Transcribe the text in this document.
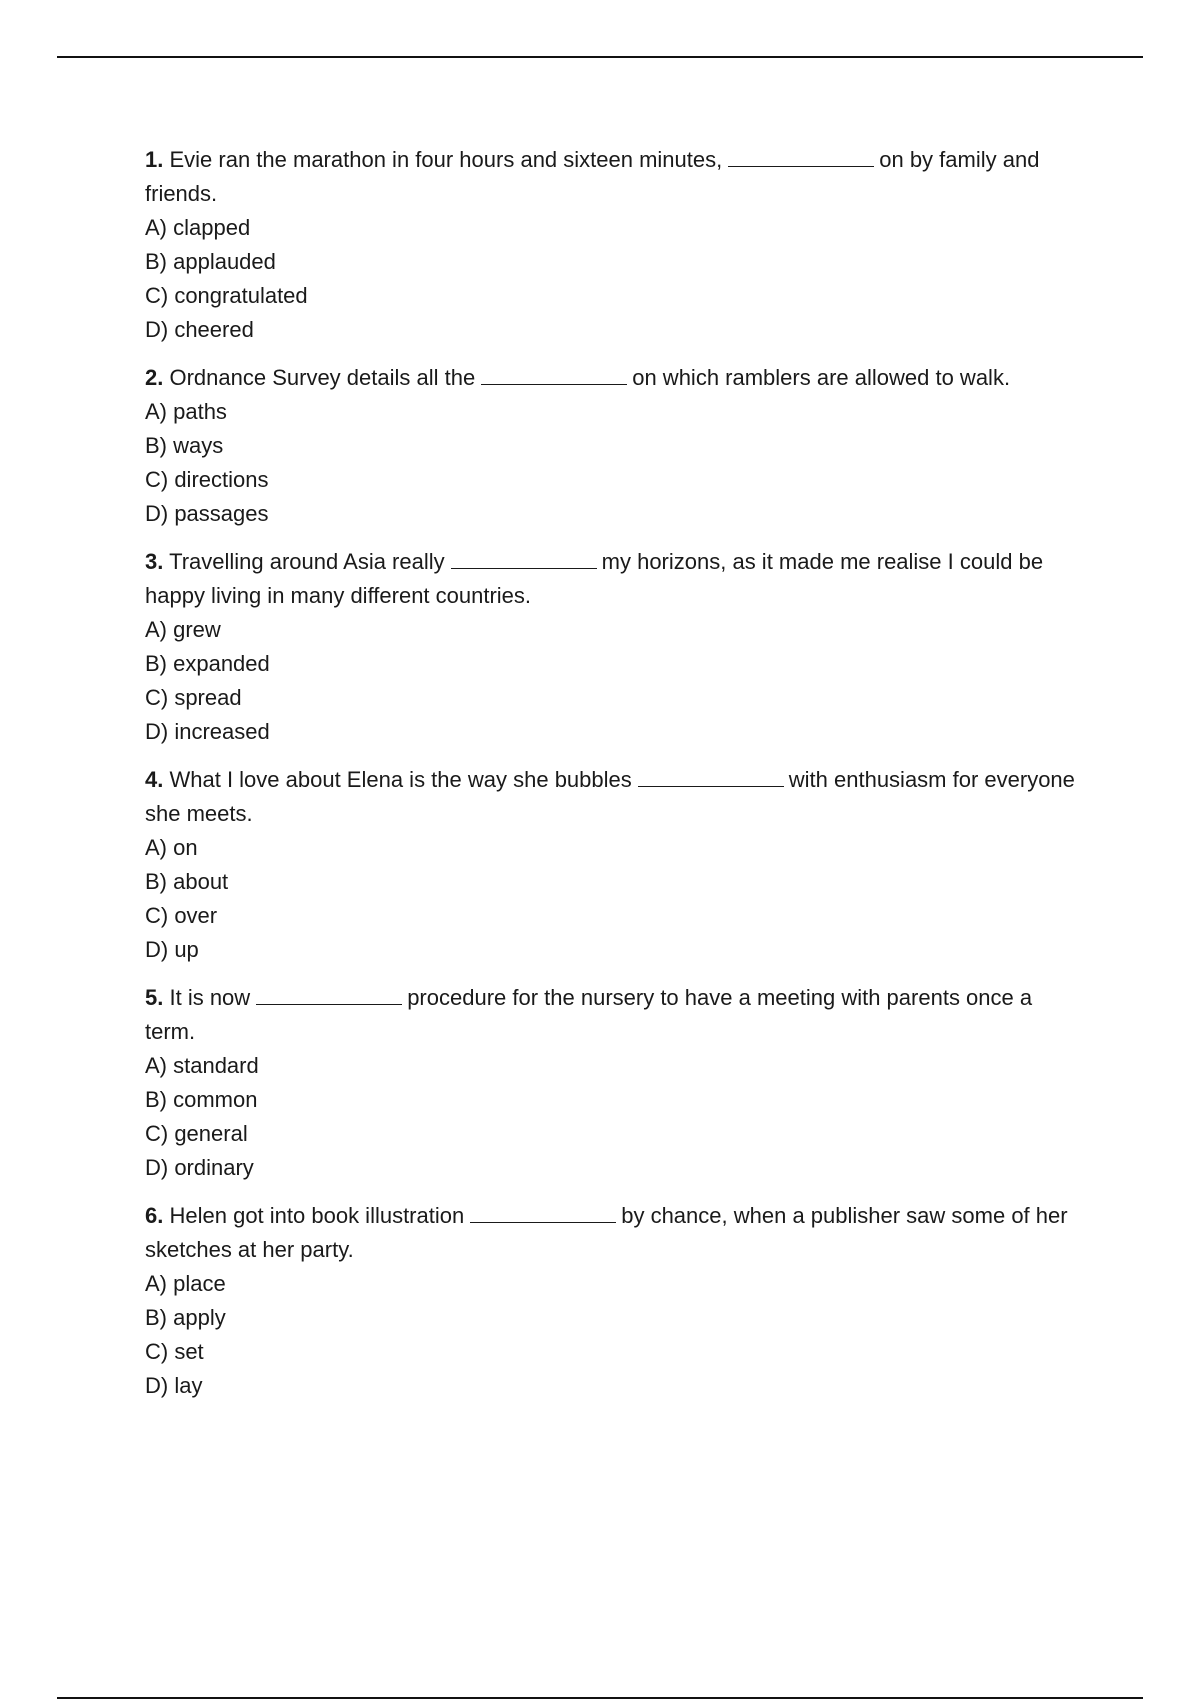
1. Evie ran the marathon in four hours and sixteen minutes,	on by family and friends.

A) clapped

B) applauded

C) congratulated

D) cheered

2. Ordnance Survey details all the	on which ramblers are allowed to walk.

A) paths

B) ways

C) directions

D) passages

3. Travelling around Asia really	my horizons, as it made me realise I could be happy living in many different countries.

A) grew

B) expanded

C) spread

D) increased

4. What I love about Elena is the way she bubbles	with enthusiasm for everyone she meets.

A) on

B) about

C) over

D) up

5. It is now	procedure for the nursery to have a meeting with parents once a term.

A) standard

B) common

C) general

D) ordinary

6. Helen got into book illustration	by chance, when a publisher saw some of her sketches at her party.

A) place

B) apply

C) set

D) lay
